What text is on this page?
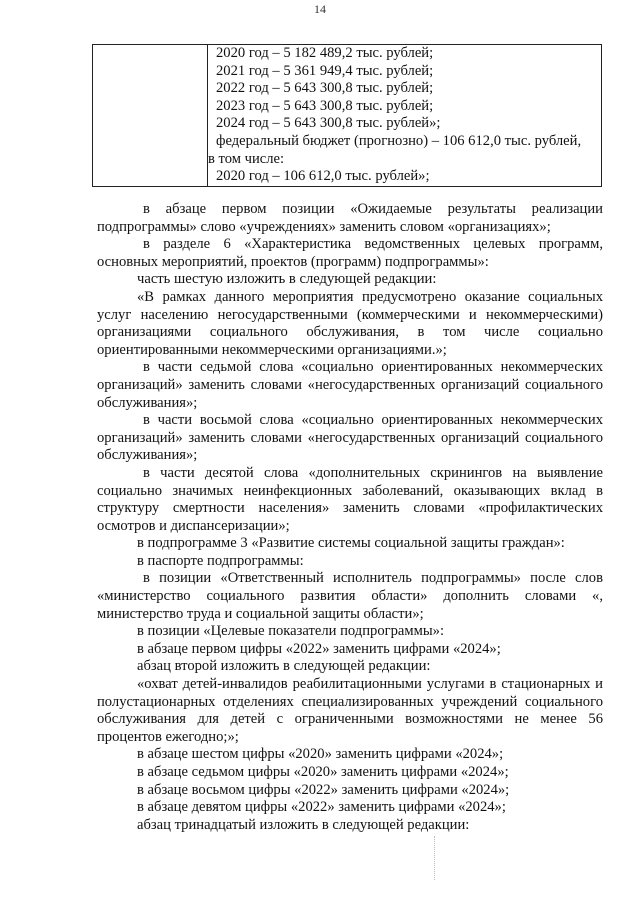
14

2020 год – 5 182 489,2 тыс. рублей;
2021 год – 5 361 949,4 тыс. рублей;
2022 год – 5 643 300,8 тыс. рублей;
2023 год – 5 643 300,8 тыс. рублей;
2024 год – 5 643 300,8 тыс. рублей»;
федеральный бюджет (прогнозно) – 106 612,0 тыс. рублей,
в том числе:
2020 год – 106 612,0 тыс. рублей»;

в абзаце первом позиции «Ожидаемые результаты реализации подпрограммы» слово «учреждениях» заменить словом «организациях»;

в разделе 6 «Характеристика ведомственных целевых программ, основных мероприятий, проектов (программ) подпрограммы»:

часть шестую изложить в следующей редакции:

«В рамках данного мероприятия предусмотрено оказание социальных услуг населению негосударственными (коммерческими и некоммерческими) организациями социального обслуживания, в том числе социально ориентированными некоммерческими организациями.»;

в части седьмой слова «социально ориентированных некоммерческих организаций» заменить словами «негосударственных организаций социального обслуживания»;

в части восьмой слова «социально ориентированных некоммерческих организаций» заменить словами «негосударственных организаций социального обслуживания»;

в части десятой слова «дополнительных скринингов на выявление социально значимых неинфекционных заболеваний, оказывающих вклад в структуру смертности населения» заменить словами «профилактических осмотров и диспансеризации»;

в подпрограмме 3 «Развитие системы социальной защиты граждан»:

в паспорте подпрограммы:

в позиции «Ответственный исполнитель подпрограммы» после слов «министерство социального развития области» дополнить словами «, министерство труда и социальной защиты области»;

в позиции «Целевые показатели подпрограммы»:

в абзаце первом цифры «2022» заменить цифрами «2024»;

абзац второй изложить в следующей редакции:

«охват детей-инвалидов реабилитационными услугами в стационарных и полустационарных отделениях специализированных учреждений социального обслуживания для детей с ограниченными возможностями не менее 56 процентов ежегодно;»;

в абзаце шестом цифры «2020» заменить цифрами «2024»;

в абзаце седьмом цифры «2020» заменить цифрами «2024»;

в абзаце восьмом цифры «2022» заменить цифрами «2024»;

в абзаце девятом цифры «2022» заменить цифрами «2024»;

абзац тринадцатый изложить в следующей редакции:
